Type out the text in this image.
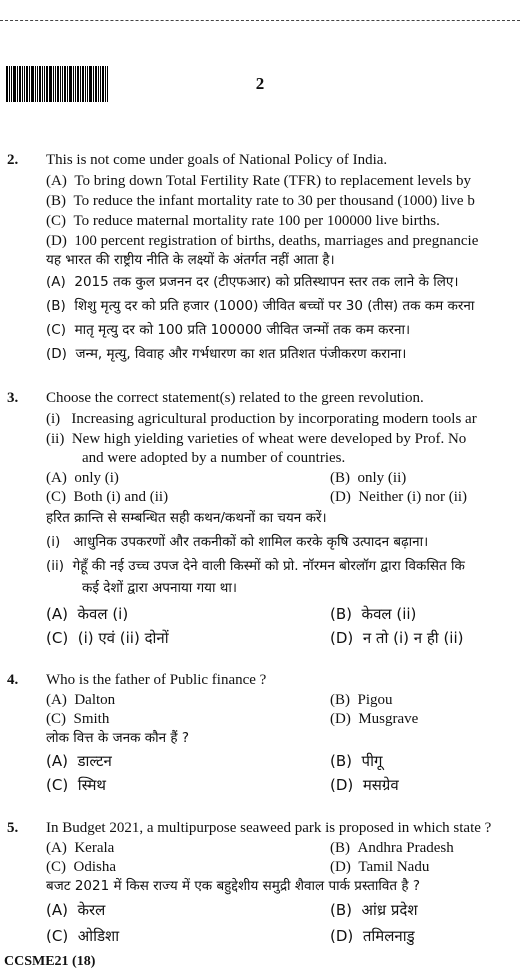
2
2. This is not come under goals of National Policy of India.
(A) To bring down Total Fertility Rate (TFR) to replacement levels by
(B) To reduce the infant mortality rate to 30 per thousand (1000) live b
(C) To reduce maternal mortality rate 100 per 100000 live births.
(D) 100 percent registration of births, deaths, marriages and pregnancie
यह भारत की राष्ट्रीय नीति के लक्ष्यों के अंतर्गत नहीं आता है।
(A) 2015 तक कुल प्रजनन दर (टीएफआर) को प्रतिस्थापन स्तर तक लाने के लिए।
(B) शिशु मृत्यु दर को प्रति हजार (1000) जीवित बच्चों पर 30 (तीस) तक कम करना
(C) मातृ मृत्यु दर को 100 प्रति 100000 जीवित जन्मों तक कम करना।
(D) जन्म, मृत्यु, विवाह और गर्भधारण का शत प्रतिशत पंजीकरण कराना।
3. Choose the correct statement(s) related to the green revolution.
(i) Increasing agricultural production by incorporating modern tools ar
(ii) New high yielding varieties of wheat were developed by Prof. No
and were adopted by a number of countries.
(A) only (i)	(B) only (ii)
(C) Both (i) and (ii)	(D) Neither (i) nor (ii)
हरित क्रान्ति से सम्बन्धित सही कथन/कथनों का चयन करें।
(i) आधुनिक उपकरणों और तकनीकों को शामिल करके कृषि उत्पादन बढ़ाना।
(ii) गेहूँ की नई उच्च उपज देने वाली किस्मों को प्रो. नॉरमन बोरलॉग द्वारा विकसित कि
कई देशों द्वारा अपनाया गया था।
(A) केवल (i)	(B) केवल (ii)
(C) (i) एवं (ii) दोनों	(D) न तो (i) न ही (ii)
4. Who is the father of Public finance ?
(A) Dalton	(B) Pigou
(C) Smith	(D) Musgrave
लोक वित्त के जनक कौन हैं ?
(A) डाल्टन	(B) पीगू
(C) स्मिथ	(D) मसग्रेव
5. In Budget 2021, a multipurpose seaweed park is proposed in which state ?
(A) Kerala	(B) Andhra Pradesh
(C) Odisha	(D) Tamil Nadu
बजट 2021 में किस राज्य में एक बहुद्देशीय समुद्री शैवाल पार्क प्रस्तावित है ?
(A) केरल	(B) आंध्र प्रदेश
(C) ओडिशा	(D) तमिलनाडु
CCSME21 (18)
